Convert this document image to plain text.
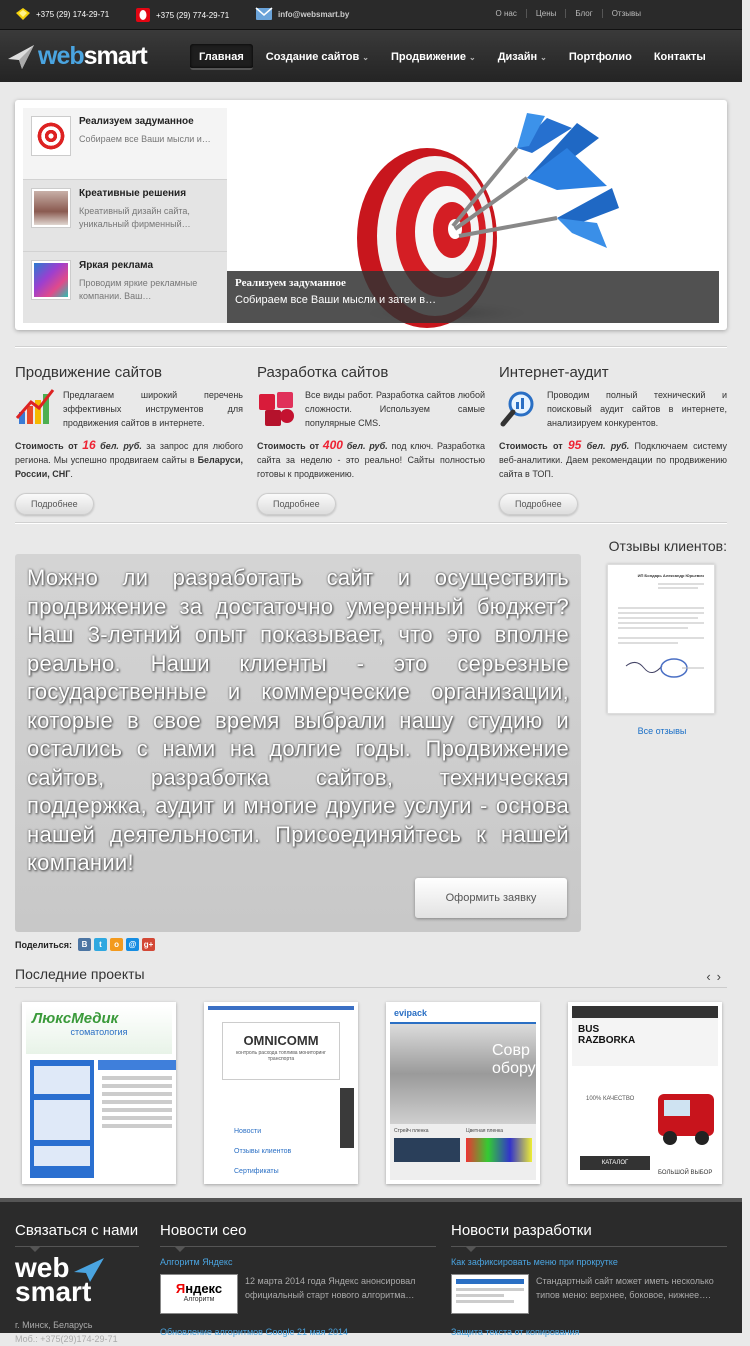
+375 (29) 174-29-71	+375 (29) 774-29-71	info@websmart.by	О нас	Цены	Блог	Отзывы
websmart	Главная	Создание сайтов ⌄	Продвижение ⌄	Дизайн ⌄	Портфолио	Контакты
Реализуем задуманное
Собираем все Ваши мысли и…
Креативные решения
Креативный дизайн сайта, уникальный фирменный…
Яркая реклама
Проводим яркие рекламные компании. Ваш…
Реализуем задуманное
Собираем все Ваши мысли и затеи в…
Продвижение сайтов
Предлагаем широкий перечень эффективных инструментов для продвижения сайтов в интернете.
Стоимость от 16 бел. руб. за запрос для любого региона. Мы успешно продвигаем сайты в Беларуси, России, СНГ.
Подробнее
Разработка сайтов
Все виды работ. Разработка сайтов любой сложности. Используем самые популярные CMS.
Стоимость от 400 бел. руб. под ключ. Разработка сайта за неделю - это реально! Сайты полностью готовы к продвижению.
Подробнее
Интернет-аудит
Проводим полный технический и поисковый аудит сайтов в интернете, анализируем конкурентов.
Стоимость от 95 бел. руб. Подключаем систему веб-аналитики. Даем рекомендации по продвижению сайта в ТОП.
Подробнее
Можно ли разработать сайт и осуществить продвижение за достаточно умеренный бюджет? Наш 3-летний опыт показывает, что это вполне реально. Наши клиенты - это серьезные государственные и коммерческие организации, которые в свое время выбрали нашу студию и остались с нами на долгие годы. Продвижение сайтов, разработка сайтов, техническая поддержка, аудит и многие другие услуги - основа нашей деятельности. Присоединяйтесь к нашей компании!
Оформить заявку
Поделиться:	В	t	о	@ g+
Отзывы клиентов:
ИП Бондарь Александр Юрьевич
Все отзывы
Последние проекты	‹›
ЛюксМедик
стоматология
OMNICOMM
контроль расхода топлива мониторинг транспорта
Новости
Отзывы клиентов
Сертификаты
evipack
Совр обору
Стрейч пленка	Цветная пленка
BUS RAZBORKA
100% КАЧЕСТВО
КАТАЛОГ
БОЛЬШОЙ ВЫБОР
Связаться с нами
web
smart
г. Минск, Беларусь
Моб.: +375(29)174-29-71
Новости сео
Алгоритм Яндекс
Яндекс
Алгоритм
12 марта 2014 года Яндекс анонсировал официальный старт нового алгоритма…
Обновление алгоритмов Google 21 мая 2014
Новости разработки
Как зафиксировать меню при прокрутке
Стандартный сайт может иметь несколько типов меню: верхнее, боковое, нижнее….
Защита текста от копирования
